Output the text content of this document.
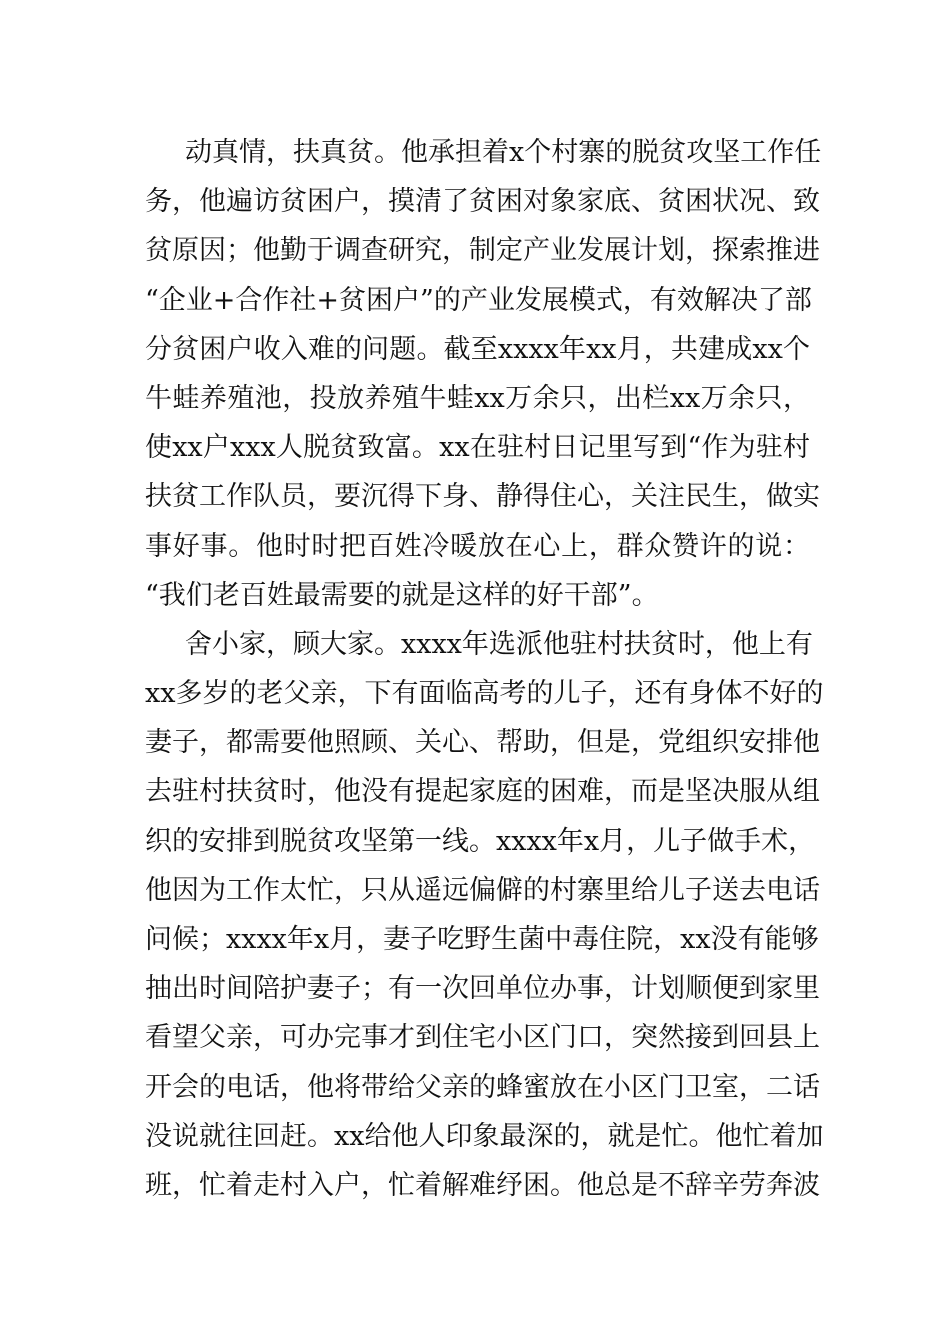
动真情，扶真贫。他承担着x个村寨的脱贫攻坚工作任
务，他遍访贫困户，摸清了贫困对象家底、贫困状况、致
贫原因；他勤于调查研究，制定产业发展计划，探索推进
“企业+合作社+贫困户”的产业发展模式，有效解决了部
分贫困户收入难的问题。截至xxxx年xx月，共建成xx个
牛蛙养殖池，投放养殖牛蛙xx万余只，出栏xx万余只，
使xx户xxx人脱贫致富。xx在驻村日记里写到“作为驻村
扶贫工作队员，要沉得下身、静得住心，关注民生，做实
事好事。他时时把百姓冷暖放在心上，群众赞许的说：
“我们老百姓最需要的就是这样的好干部”。
舍小家，顾大家。xxxx年选派他驻村扶贫时，他上有
xx多岁的老父亲，下有面临高考的儿子，还有身体不好的
妻子，都需要他照顾、关心、帮助，但是，党组织安排他
去驻村扶贫时，他没有提起家庭的困难，而是坚决服从组
织的安排到脱贫攻坚第一线。xxxx年x月，儿子做手术，
他因为工作太忙，只从遥远偏僻的村寨里给儿子送去电话
问候；xxxx年x月，妻子吃野生菌中毒住院，xx没有能够
抽出时间陪护妻子；有一次回单位办事，计划顺便到家里
看望父亲，可办完事才到住宅小区门口，突然接到回县上
开会的电话，他将带给父亲的蜂蜜放在小区门卫室，二话
没说就往回赶。xx给他人印象最深的，就是忙。他忙着加
班，忙着走村入户，忙着解难纾困。他总是不辞辛劳奔波
